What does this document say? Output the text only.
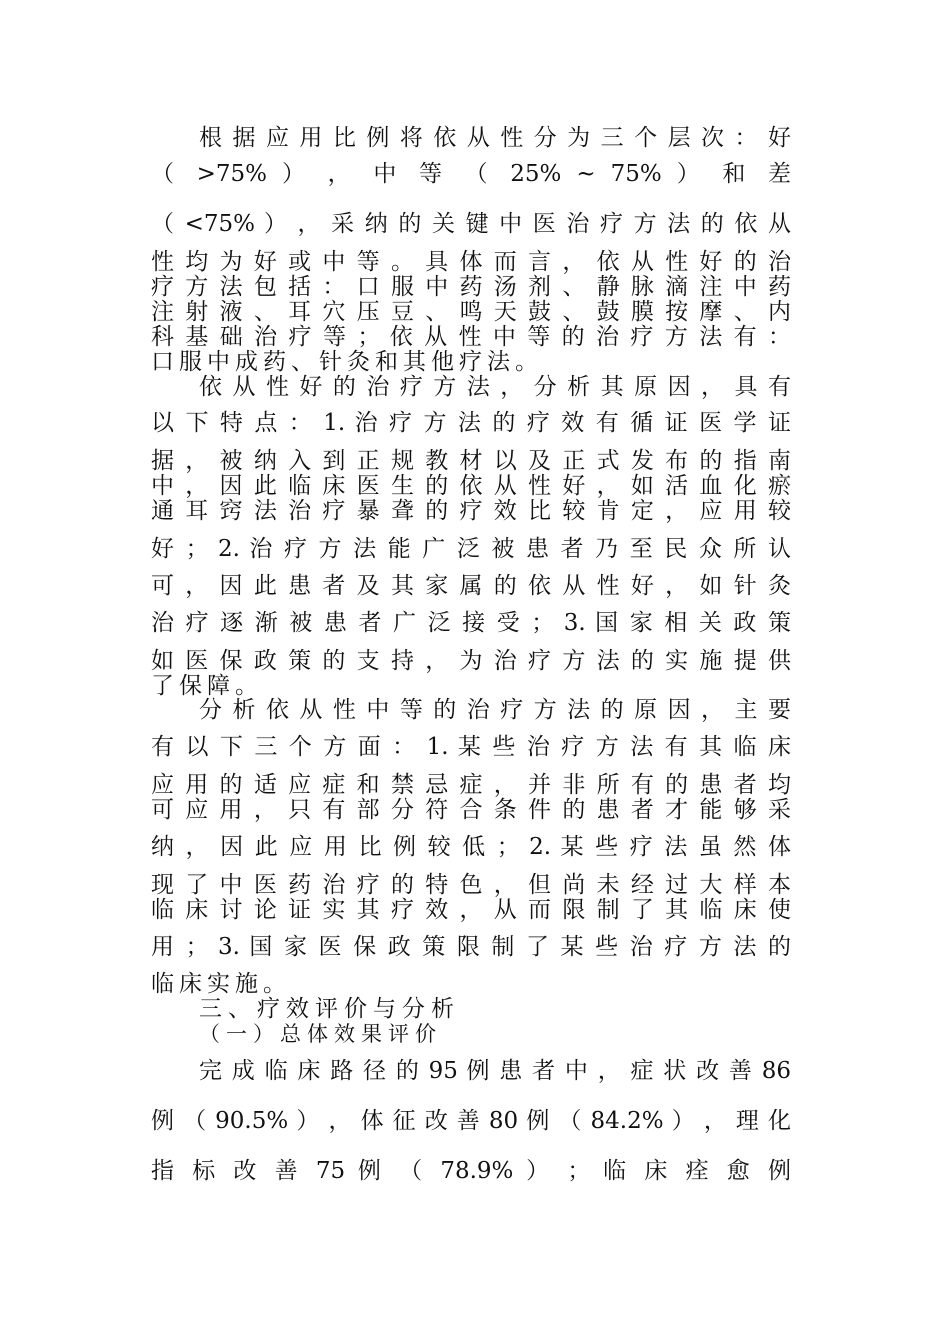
根 据 应 用 比 例 将 依 从 性 分 为 三 个 层 次 ： 好
（ >75% ） ， 中 等 （ 25% ~ 75% ） 和 差
（ <75% ） ， 采 纳 的 关 键 中 医 治 疗 方 法 的 依 从
性 均 为 好 或 中 等 。 具 体 而 言 ， 依 从 性 好 的 治
疗 方 法 包 括 ： 口 服 中 药 汤 剂 、 静 脉 滴 注 中 药
注 射 液 、 耳 穴 压 豆 、 鸣 天 鼓 、 鼓 膜 按 摩 、 内
科 基 础 治 疗 等 ； 依 从 性 中 等 的 治 疗 方 法 有 ：
口服中成药、针灸和其他疗法。
依 从 性 好 的 治 疗 方 法 ， 分 析 其 原 因 ， 具 有
以 下 特 点 ： 1. 治 疗 方 法 的 疗 效 有 循 证 医 学 证
据 ， 被 纳 入 到 正 规 教 材 以 及 正 式 发 布 的 指 南
中 ， 因 此 临 床 医 生 的 依 从 性 好 ， 如 活 血 化 瘀
通 耳 窍 法 治 疗 暴 聋 的 疗 效 比 较 肯 定 ， 应 用 较
好 ； 2. 治 疗 方 法 能 广 泛 被 患 者 乃 至 民 众 所 认
可 ， 因 此 患 者 及 其 家 属 的 依 从 性 好 ， 如 针 灸
治 疗 逐 渐 被 患 者 广 泛 接 受 ； 3. 国 家 相 关 政 策
如 医 保 政 策 的 支 持 ， 为 治 疗 方 法 的 实 施 提 供
了保障。
分 析 依 从 性 中 等 的 治 疗 方 法 的 原 因 ， 主 要
有 以 下 三 个 方 面 ： 1. 某 些 治 疗 方 法 有 其 临 床
应 用 的 适 应 症 和 禁 忌 症 ， 并 非 所 有 的 患 者 均
可 应 用 ， 只 有 部 分 符 合 条 件 的 患 者 才 能 够 采
纳 ， 因 此 应 用 比 例 较 低 ； 2. 某 些 疗 法 虽 然 体
现 了 中 医 药 治 疗 的 特 色 ， 但 尚 未 经 过 大 样 本
临 床 讨 论 证 实 其 疗 效 ， 从 而 限 制 了 其 临 床 使
用 ； 3. 国 家 医 保 政 策 限 制 了 某 些 治 疗 方 法 的
临床实施。
三、疗效评价与分析
（一）总体效果评价
完 成 临 床 路 径 的 95 例 患 者 中 ， 症 状 改 善 86
例 （ 90.5% ） ， 体 征 改 善 80 例 （ 84.2% ） ， 理 化
指 标 改 善 75 例 （ 78.9% ） ； 临 床 痊 愈 例
